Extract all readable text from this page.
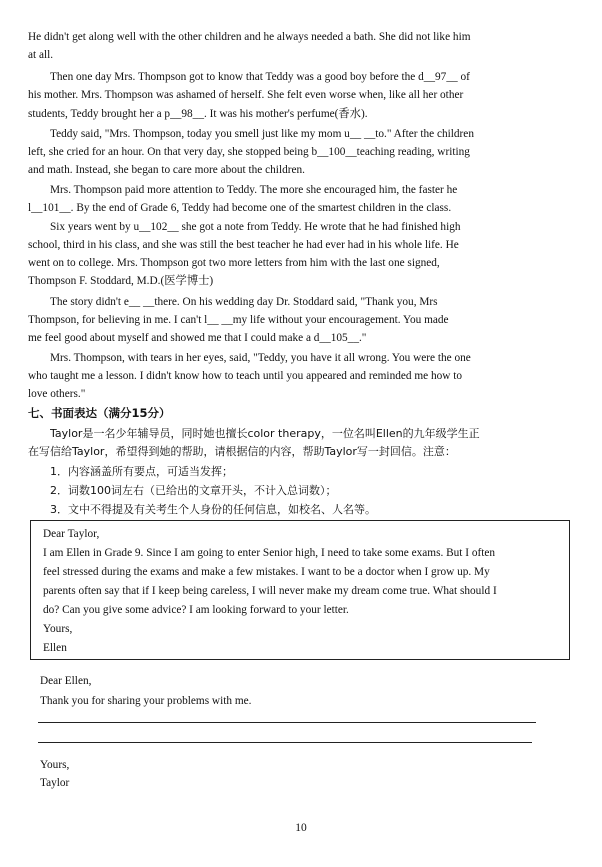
He didn't get along well with the other children and he always needed a bath. She did not like him
at all.
Then one day Mrs. Thompson got to know that Teddy was a good boy before the d__97__ of
his mother. Mrs. Thompson was ashamed of herself. She felt even worse when, like all her other
students, Teddy brought her a p__98__. It was his mother's perfume(香水).
Teddy said, "Mrs. Thompson, today you smell just like my mom u__ __to." After the children
left, she cried for an hour. On that very day, she stopped being b__100__teaching reading, writing
and math. Instead, she began to care more about the children.
Mrs. Thompson paid more attention to Teddy. The more she encouraged him, the faster he
l__101__. By the end of Grade 6, Teddy had become one of the smartest children in the class.
Six years went by u__102__ she got a note from Teddy. He wrote that he had finished high
school, third in his class, and she was still the best teacher he had ever had in his whole life. He
went on to college. Mrs. Thompson got two more letters from him with the last one signed,
Thompson F. Stoddard, M.D.(医学博士)
The story didn't e__ __there. On his wedding day Dr. Stoddard said, "Thank you, Mrs
Thompson, for believing in me. I can't l__ __my life without your encouragement. You made
me feel good about myself and showed me that I could make a d__105__."
Mrs. Thompson, with tears in her eyes, said, "Teddy, you have it all wrong. You were the one
who taught me a lesson. I didn't know how to teach until you appeared and reminded me how to
love others."
七、书面表达（满分15分）
Taylor是一名少年辅导员，同时她也擅长color therapy，一位名叫Ellen的九年级学生正
在写信给Taylor，希望得到她的帮助，请根据信的内容，帮助Taylor写一封回信。注意：
1．内容涵盖所有要点，可适当发挥；
2．词数100词左右（已给出的文章开头，不计入总词数）；
3．文中不得提及有关考生个人身份的任何信息，如校名、人名等。
Dear Taylor,
I am Ellen in Grade 9. Since I am going to enter Senior high, I need to take some exams. But I often
feel stressed during the exams and make a few mistakes. I want to be a doctor when I grow up. My
parents often say that if I keep being careless, I will never make my dream come true. What should I
do? Can you give some advice? I am looking forward to your letter.
Yours,
Ellen
Dear Ellen,
Thank you for sharing your problems with me.
Yours,
Taylor
10
